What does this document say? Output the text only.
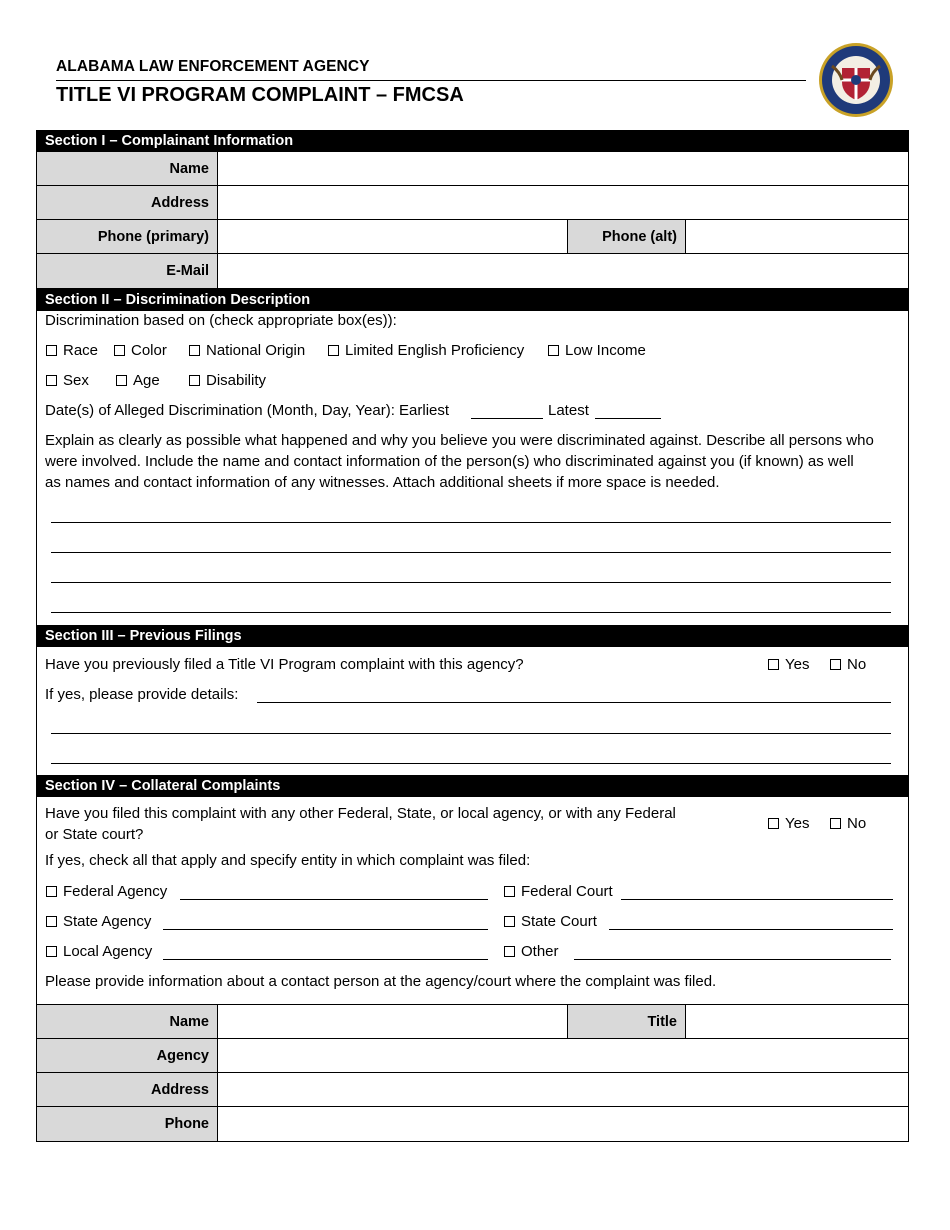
ALABAMA LAW ENFORCEMENT AGENCY
TITLE VI PROGRAM COMPLAINT – FMCSA
Section I – Complainant Information
Name
Address
Phone (primary)	Phone (alt)
E-Mail
Section II – Discrimination Description
Discrimination based on (check appropriate box(es)):
Race	Color	National Origin	Limited English Proficiency	Low Income
Sex	Age	Disability
Date(s) of Alleged Discrimination (Month, Day, Year): Earliest	Latest
Explain as clearly as possible what happened and why you believe you were discriminated against. Describe all persons who
were involved. Include the name and contact information of the person(s) who discriminated against you (if known) as well
as names and contact information of any witnesses. Attach additional sheets if more space is needed.
Section III – Previous Filings
Have you previously filed a Title VI Program complaint with this agency?	Yes	No
If yes, please provide details:
Section IV – Collateral Complaints
Have you filed this complaint with any other Federal, State, or local agency, or with any Federal
or State court?
Yes	No
If yes, check all that apply and specify entity in which complaint was filed:
Federal Agency	Federal Court
State Agency	State Court
Local Agency	Other
Please provide information about a contact person at the agency/court where the complaint was filed.
Name	Title
Agency
Address
Phone
